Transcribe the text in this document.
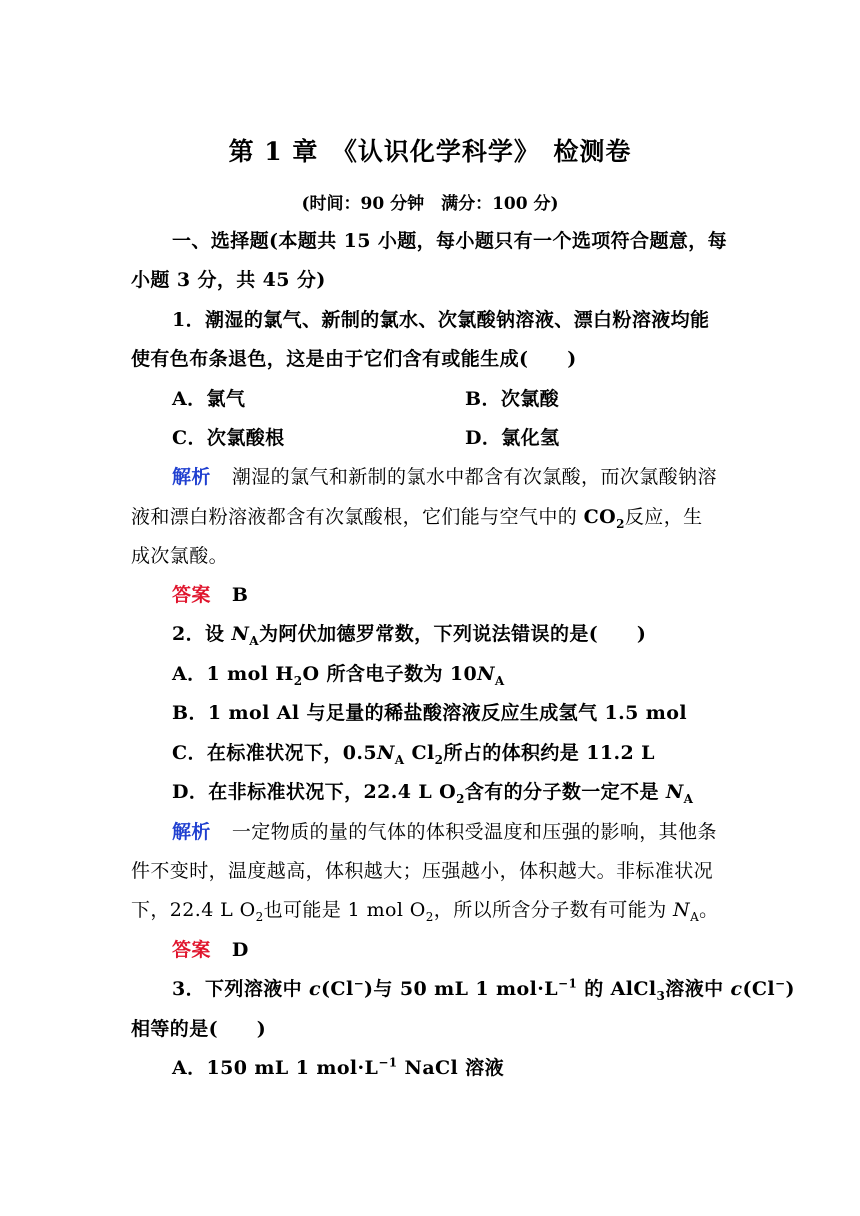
第 1 章　《认识化学科学》　检测卷
(时间：90 分钟　满分：100 分)
一、选择题(本题共 15 小题，每小题只有一个选项符合题意，每
小题 3 分，共 45 分)
1．潮湿的氯气、新制的氯水、次氯酸钠溶液、漂白粉溶液均能
使有色布条退色，这是由于它们含有或能生成(　　)
A．氯气	B．次氯酸
C．次氯酸根	D．氯化氢
解析 潮湿的氯气和新制的氯水中都含有次氯酸，而次氯酸钠溶
液和漂白粉溶液都含有次氯酸根，它们能与空气中的 $CO_2$反应，生
成次氯酸。
答案 B
2．设 $N_A$为阿伏加德罗常数，下列说法错误的是(　　)
A．1 mol $H_2O$ 所含电子数为 $10N_A$
B．1 mol Al 与足量的稀盐酸溶液反应生成氢气 1.5 mol
C．在标准状况下，$0.5N_A$ $Cl_2$所占的体积约是 11.2 L
D．在非标准状况下，22.4 L $O_2$含有的分子数一定不是 $N_A$
解析 一定物质的量的气体的体积受温度和压强的影响，其他条
件不变时，温度越高，体积越大；压强越小，体积越大。非标准状况
下，22.4 L $O_2$也可能是 1 mol $O_2$，所以所含分子数有可能为 $N_A$。
答案 D
3．下列溶液中 c(Cl−)与 50 mL 1 $mol\cdot L^{-1}$ 的 AlCl$_3$溶液中 c(Cl−)
相等的是(　　)
A．150 mL 1 $mol\cdot L^{-1}$ NaCl 溶液
